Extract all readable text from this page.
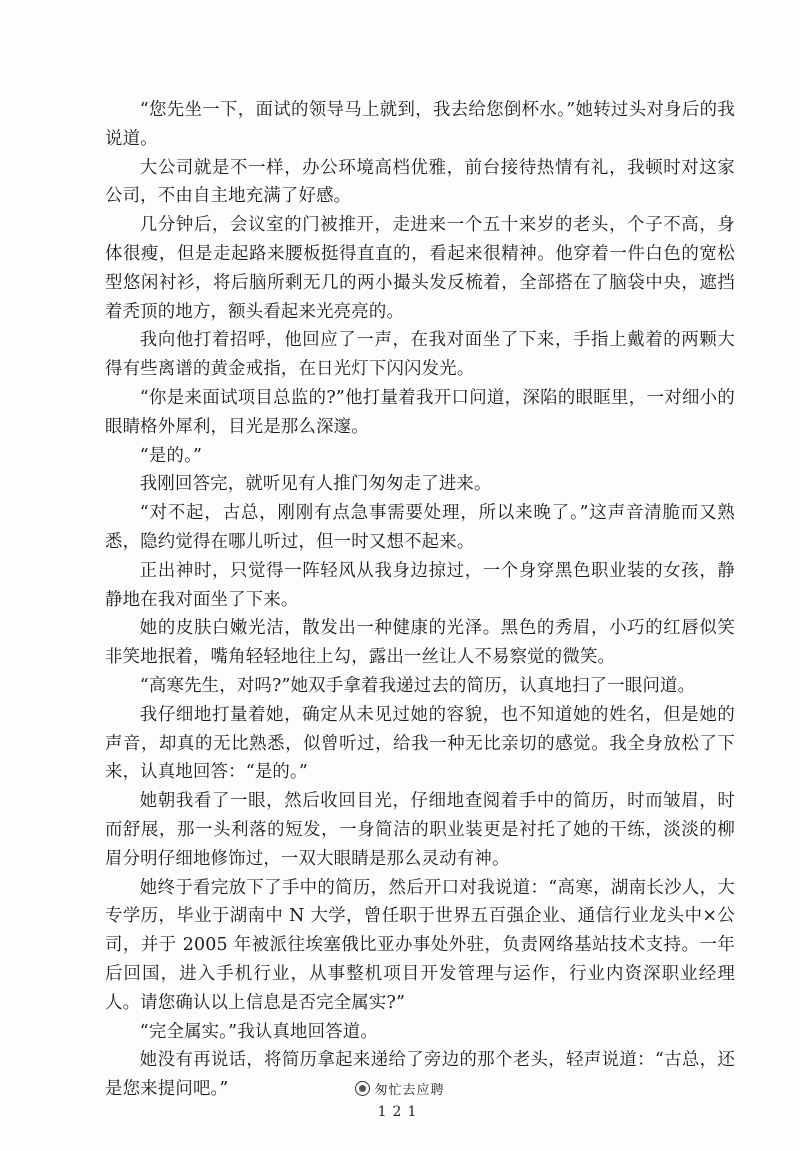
“您先坐一下，面试的领导马上就到，我去给您倒杯水。”她转过头对身后的我说道。

大公司就是不一样，办公环境高档优雅，前台接待热情有礼，我顿时对这家公司，不由自主地充满了好感。

几分钟后，会议室的门被推开，走进来一个五十来岁的老头，个子不高，身体很瘦，但是走起路来腰板挺得直直的，看起来很精神。他穿着一件白色的宽松型悠闲衬衫，将后脑所剩无几的两小撮头发反梳着，全部搭在了脑袋中央，遮挡着秃顶的地方，额头看起来光亮亮的。

我向他打着招呼，他回应了一声，在我对面坐了下来，手指上戴着的两颗大得有些离谱的黄金戒指，在日光灯下闪闪发光。

“你是来面试项目总监的?”他打量着我开口问道，深陷的眼眶里，一对细小的眼睛格外犀利，目光是那么深邃。

“是的。”

我刚回答完，就听见有人推门匆匆走了进来。

“对不起，古总，刚刚有点急事需要处理，所以来晚了。”这声音清脆而又熟悉，隐约觉得在哪儿听过，但一时又想不起来。

正出神时，只觉得一阵轻风从我身边掠过，一个身穿黑色职业装的女孩，静静地在我对面坐了下来。

她的皮肤白嫩光洁，散发出一种健康的光泽。黑色的秀眉，小巧的红唇似笑非笑地抿着，嘴角轻轻地往上勾，露出一丝让人不易察觉的微笑。

“高寒先生，对吗?”她双手拿着我递过去的简历，认真地扫了一眼问道。

我仔细地打量着她，确定从未见过她的容貌，也不知道她的姓名，但是她的声音，却真的无比熟悉，似曾听过，给我一种无比亲切的感觉。我全身放松了下来，认真地回答：“是的。”

她朝我看了一眼，然后收回目光，仔细地查阅着手中的简历，时而皱眉，时而舒展，那一头利落的短发，一身简洁的职业装更是衬托了她的干练，淡淡的柳眉分明仔细地修饰过，一双大眼睛是那么灵动有神。

她终于看完放下了手中的简历，然后开口对我说道：“高寒，湖南长沙人，大专学历，毕业于湖南中 N 大学，曾任职于世界五百强企业、通信行业龙头中×公司，并于 2005 年被派往埃塞俄比亚办事处外驻，负责网络基站技术支持。一年后回国，进入手机行业，从事整机项目开发管理与运作，行业内资深职业经理人。请您确认以上信息是否完全属实?”

“完全属实。”我认真地回答道。

她没有再说话，将简历拿起来递给了旁边的那个老头，轻声说道：“古总，还是您来提问吧。”	匆忙去应聘
121
